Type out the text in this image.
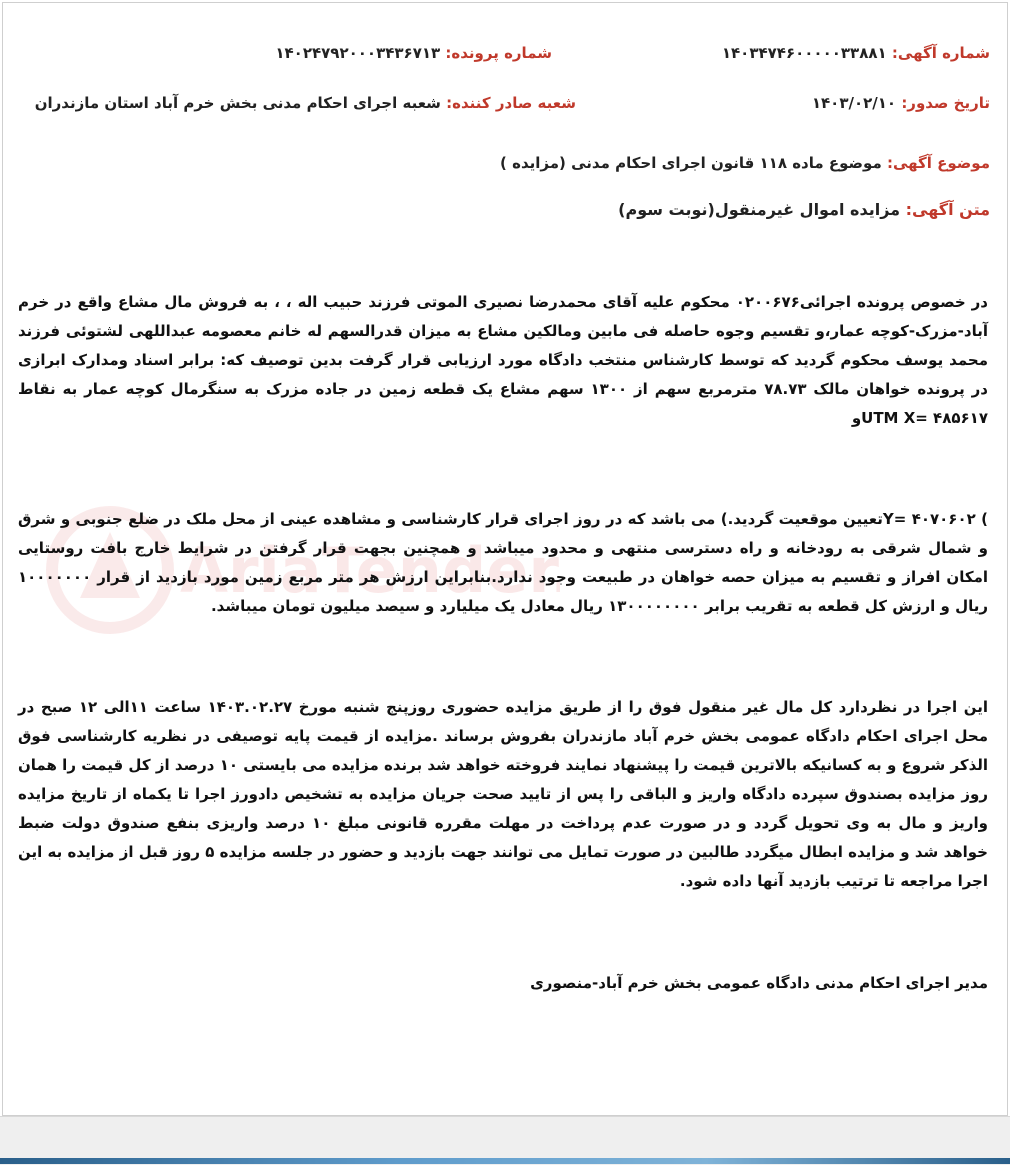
شماره آگهی: ۱۴۰۳۴۷۴۶۰۰۰۰۰۳۳۸۸۱
شماره پرونده: ۱۴۰۲۴۷۹۲۰۰۰۳۴۳۶۷۱۳
تاریخ صدور: ۱۴۰۳/۰۲/۱۰
شعبه صادر کننده: شعبه اجرای احکام مدنی بخش خرم آباد استان مازندران
موضوع آگهی: موضوع ماده ۱۱۸ قانون اجرای احکام مدنی (مزایده )
متن آگهی: مزایده اموال غیرمنقول(نوبت سوم)
در خصوص پرونده اجرائی۰۲۰۰۶۷۶ محکوم علیه آقای محمدرضا نصیری الموتی فرزند حبیب اله ، ، به فروش مال مشاع واقع در خرم آباد-مزرک-کوچه عمار،و تقسیم وجوه حاصله فی مابین ومالکین مشاع به میزان قدرالسهم له خانم معصومه عبداللهی لشتوئی فرزند محمد یوسف محکوم گردید که توسط کارشناس منتخب دادگاه مورد ارزیابی قرار گرفت بدین توصیف که: برابر اسناد ومدارک ابرازی در پرونده خواهان مالک ۷۸.۷۳ مترمربع سهم از ۱۳۰۰ سهم مشاع یک قطعه زمین در جاده مزرک به سنگرمال کوچه عمار به نقاط UTM X= ۴۸۵۶۱۷و
) Y= ۴۰۷۰۶۰۲تعیین موقعیت گردید.) می باشد که در روز اجرای قرار کارشناسی و مشاهده عینی از محل ملک در ضلع جنوبی و شرق و شمال شرقی به رودخانه و راه دسترسی منتهی و محدود میباشد و همچنین بجهت قرار گرفتن در شرایط خارج بافت روستایی امکان افراز و تقسیم به میزان حصه خواهان در طبیعت وجود ندارد.بنابراین ارزش هر متر مربع زمین مورد بازدید از قرار ۱۰۰۰۰۰۰۰ ریال و ارزش کل قطعه به تقریب برابر ۱۳۰۰۰۰۰۰۰۰ ریال معادل یک میلیارد و سیصد میلیون تومان میباشد.
این اجرا در نظردارد کل مال غیر منقول فوق را از طریق مزایده حضوری روزپنج شنبه مورخ ۱۴۰۳.۰۲.۲۷ ساعت ۱۱الی ۱۲ صبح در محل اجرای احکام دادگاه عمومی بخش خرم آباد مازندران بفروش برساند .مزایده از قیمت پایه توصیفی در نظریه کارشناسی فوق الذکر شروع و به کسانیکه بالاترین قیمت را پیشنهاد نمایند فروخته خواهد شد برنده مزایده می بایستی ۱۰ درصد از کل قیمت را همان روز مزایده بصندوق سپرده دادگاه واریز و الباقی را پس از تایید صحت جریان مزایده به تشخیص دادورز اجرا تا یکماه از تاریخ مزایده واریز و مال به وی تحویل گردد و در صورت عدم پرداخت در مهلت مقرره قانونی مبلغ ۱۰ درصد واریزی بنفع صندوق دولت ضبط خواهد شد و مزایده ابطال میگردد طالبین در صورت تمایل می توانند جهت بازدید و حضور در جلسه مزایده ۵ روز قبل از مزایده به این اجرا مراجعه تا ترتیب بازدید آنها داده شود.
مدیر اجرای احکام مدنی دادگاه عمومی بخش خرم آباد-منصوری
